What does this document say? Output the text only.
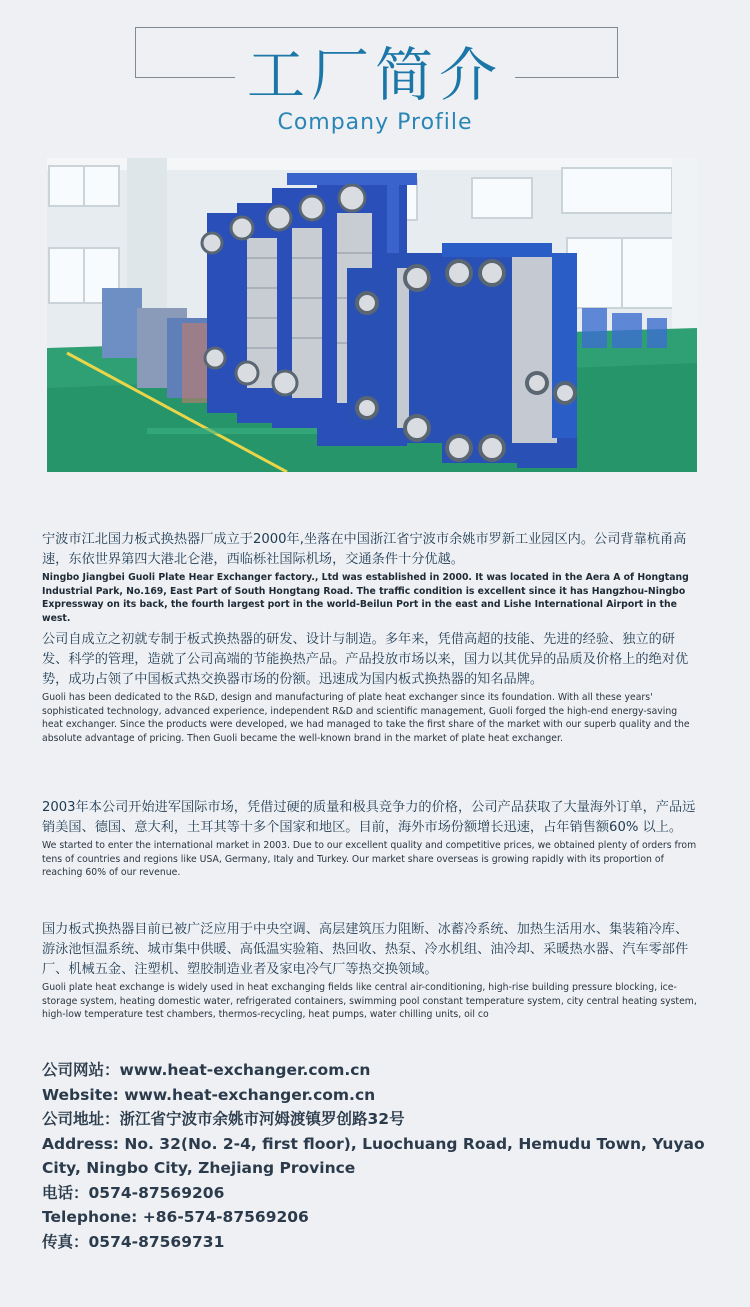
工厂简介
Company Profile
宁波市江北国力板式换热器厂成立于2000年,坐落在中国浙江省宁波市余姚市罗新工业园区内。公司背靠杭甬高速，东依世界第四大港北仑港，西临栎社国际机场，交通条件十分优越。
Ningbo Jiangbei Guoli Plate Hear Exchanger factory., Ltd was established in 2000. It was located in the Aera A of Hongtang Industrial Park, No.169, East Part of South Hongtang Road. The traffic condition is excellent since it has Hangzhou-Ningbo Expressway on its back, the fourth largest port in the world-Beilun Port in the east and Lishe International Airport in the west.
公司自成立之初就专制于板式换热器的研发、设计与制造。多年来，凭借高超的技能、先进的经验、独立的研发、科学的管理，造就了公司高端的节能换热产品。产品投放市场以来，国力以其优异的品质及价格上的绝对优势，成功占领了中国板式热交换器市场的份额。迅速成为国内板式换热器的知名品牌。
Guoli has been dedicated to the R&D, design and manufacturing of plate heat exchanger since its foundation. With all these years' sophisticated technology, advanced experience, independent R&D and scientific management, Guoli forged the high-end energy-saving heat exchanger. Since the products were developed, we had managed to take the first share of the market with our superb quality and the absolute advantage of pricing. Then Guoli became the well-known brand in the market of plate heat exchanger.
2003年本公司开始进军国际市场，凭借过硬的质量和极具竞争力的价格，公司产品获取了大量海外订单，产品远销美国、德国、意大利，土耳其等十多个国家和地区。目前，海外市场份额增长迅速，占年销售额60% 以上。
We started to enter the international market in 2003. Due to our excellent quality and competitive prices, we obtained plenty of orders from tens of countries and regions like USA, Germany, Italy and Turkey. Our market share overseas is growing rapidly with its proportion of reaching 60% of our revenue.
国力板式换热器目前已被广泛应用于中央空调、高层建筑压力阻断、冰蓄冷系统、加热生活用水、集装箱冷库、游泳池恒温系统、城市集中供暖、高低温实验箱、热回收、热泵、冷水机组、油冷却、采暖热水器、汽车零部件厂、机械五金、注塑机、塑胶制造业者及家电冷气厂等热交换领域。
Guoli plate heat exchange is widely used in heat exchanging fields like central air-conditioning, high-rise building pressure blocking, ice-storage system, heating domestic water, refrigerated containers, swimming pool constant temperature system, city central heating system, high-low temperature test chambers, thermos-recycling, heat pumps, water chilling units, oil co
公司网站：www.heat-exchanger.com.cn
Website: www.heat-exchanger.com.cn
公司地址：浙江省宁波市余姚市河姆渡镇罗创路32号
Address: No. 32(No. 2-4, first floor), Luochuang Road, Hemudu Town, Yuyao City, Ningbo City, Zhejiang Province
电话：0574-87569206
Telephone: +86-574-87569206
传真：0574-87569731
